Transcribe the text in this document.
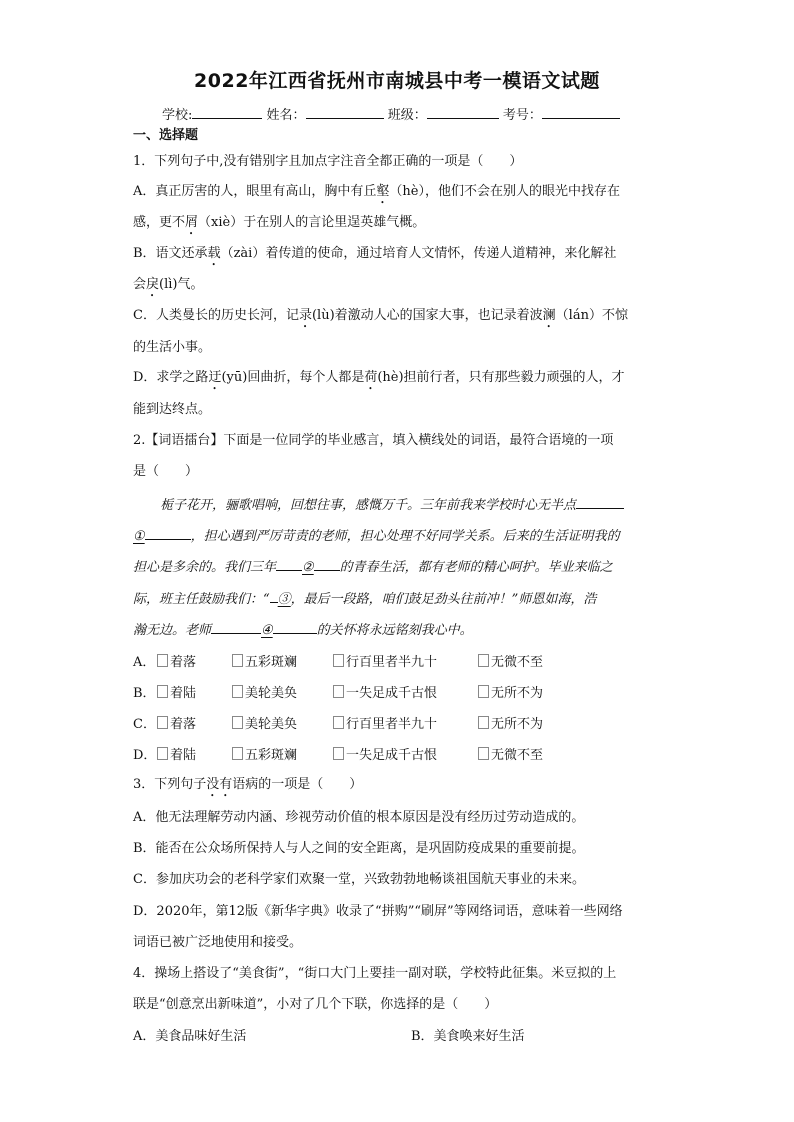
2022年江西省抚州市南城县中考一模语文试题
学校:	姓名：	班级：	考号：
一、选择题
1．下列句子中,没有错别字且加点字注音全都正确的一项是（　　）
A．真正厉害的人，眼里有高山，胸中有丘壑（hè），他们不会在别人的眼光中找存在
感，更不屑（xiè）于在别人的言论里逞英雄气概。
B．语文还承载（zài）着传道的使命，通过培育人文情怀，传递人道精神，来化解社
会戾(lì)气。
C．人类曼长的历史长河，记录(lù)着激动人心的国家大事，也记录着波澜（lán）不惊
的生活小事。
D．求学之路迂(yū)回曲折，每个人都是荷(hè)担前行者，只有那些毅力顽强的人，才
能到达终点。
2.【词语擂台】下面是一位同学的毕业感言，填入横线处的词语，最符合语境的一项
是（　　）
栀子花开，骊歌唱响，回想往事，感慨万千。三年前我来学校时心无半点
①	，担心遇到严厉苛责的老师，担心处理不好同学关系。后来的生活证明我的
担心是多余的。我们三年 ② 的青春生活，都有老师的精心呵护。毕业来临之
际，班主任鼓励我们：“ ③，最后一段路，咱们鼓足劲头往前冲！”师恩如海，浩
瀚无边。老师	④	的关怀将永远铭刻我心中。
A．	着落	五彩斑斓	行百里者半九十	无微不至
B．	着陆	美轮美奂	一失足成千古恨	无所不为
C．	着落	美轮美奂	行百里者半九十	无所不为
D．	着陆	五彩斑斓	一失足成千古恨	无微不至
3．下列句子没有语病的一项是（　　）
A．他无法理解劳动内涵、珍视劳动价值的根本原因是没有经历过劳动造成的。
B．能否在公众场所保持人与人之间的安全距离，是巩固防疫成果的重要前提。
C．参加庆功会的老科学家们欢聚一堂，兴致勃勃地畅谈祖国航天事业的未来。
D．2020年，第12版《新华字典》收录了“拼购”“刷屏”等网络词语，意味着一些网络
词语已被广泛地使用和接受。
4．操场上搭设了“美食街”，“街口大门上要挂一副对联，学校特此征集。米豆拟的上
联是“创意烹出新味道”，小对了几个下联，你选择的是（　　）
A．美食品味好生活	B．美食唤来好生活
